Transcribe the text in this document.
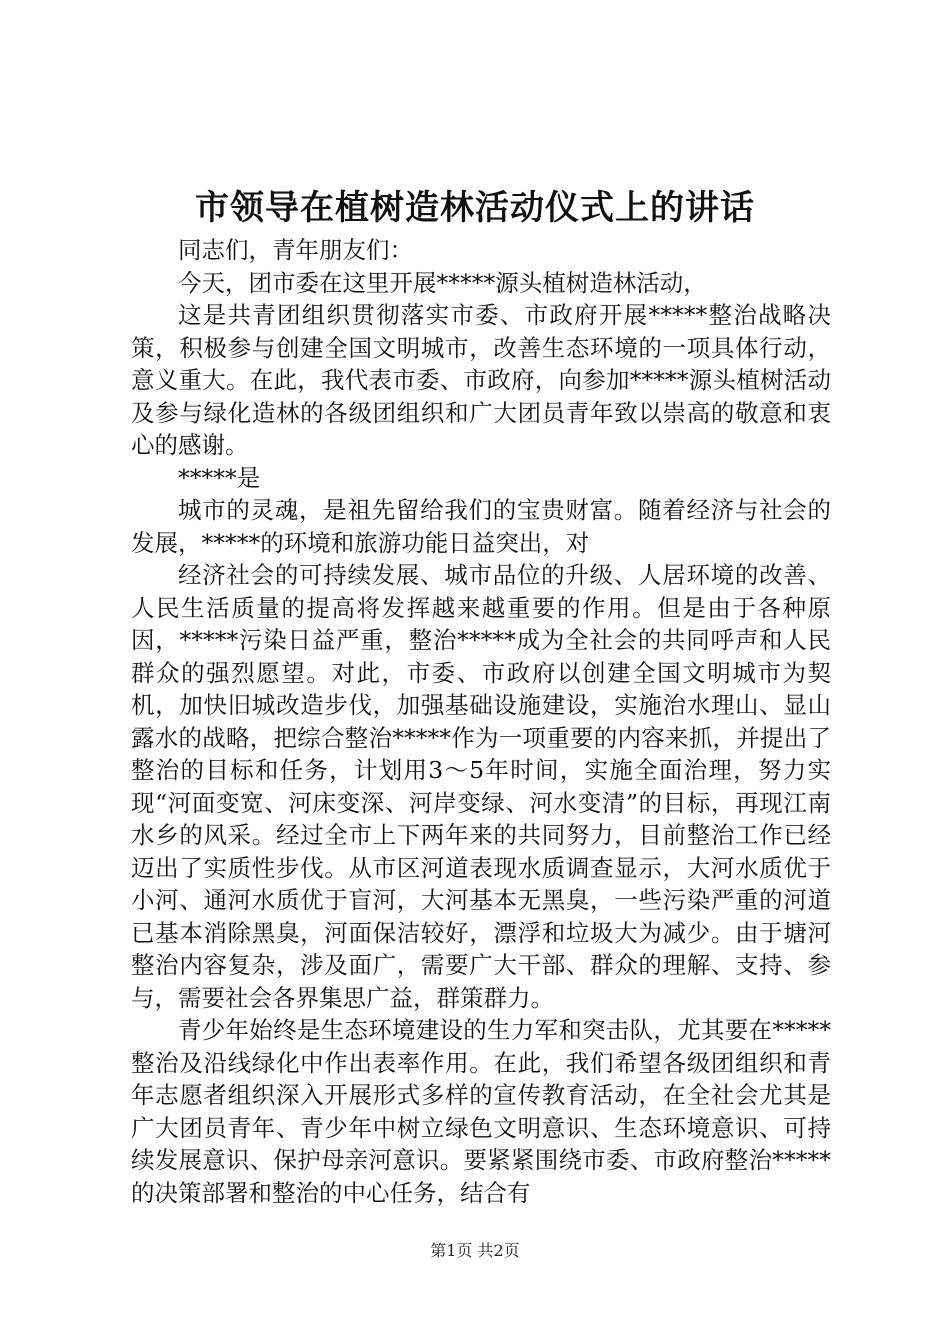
市领导在植树造林活动仪式上的讲话

同志们，青年朋友们：

今天，团市委在这里开展*****源头植树造林活动，

这是共青团组织贯彻落实市委、市政府开展*****整治战略决策，积极参与创建全国文明城市，改善生态环境的一项具体行动，意义重大。在此，我代表市委、市政府，向参加*****源头植树活动及参与绿化造林的各级团组织和广大团员青年致以崇高的敬意和衷心的感谢。

*****是

城市的灵魂，是祖先留给我们的宝贵财富。随着经济与社会的发展，*****的环境和旅游功能日益突出，对

经济社会的可持续发展、城市品位的升级、人居环境的改善、人民生活质量的提高将发挥越来越重要的作用。但是由于各种原因，*****污染日益严重，整治*****成为全社会的共同呼声和人民群众的强烈愿望。对此，市委、市政府以创建全国文明城市为契机，加快旧城改造步伐，加强基础设施建设，实施治水理山、显山露水的战略，把综合整治*****作为一项重要的内容来抓，并提出了整治的目标和任务，计划用3～5年时间，实施全面治理，努力实现“河面变宽、河床变深、河岸变绿、河水变清”的目标，再现江南水乡的风采。经过全市上下两年来的共同努力，目前整治工作已经迈出了实质性步伐。从市区河道表现水质调查显示，大河水质优于小河、通河水质优于盲河，大河基本无黑臭，一些污染严重的河道已基本消除黑臭，河面保洁较好，漂浮和垃圾大为减少。由于塘河整治内容复杂，涉及面广，需要广大干部、群众的理解、支持、参与，需要社会各界集思广益，群策群力。

青少年始终是生态环境建设的生力军和突击队，尤其要在*****整治及沿线绿化中作出表率作用。在此，我们希望各级团组织和青年志愿者组织深入开展形式多样的宣传教育活动，在全社会尤其是广大团员青年、青少年中树立绿色文明意识、生态环境意识、可持续发展意识、保护母亲河意识。要紧紧围绕市委、市政府整治*****的决策部署和整治的中心任务，结合有

第1页 共2页
